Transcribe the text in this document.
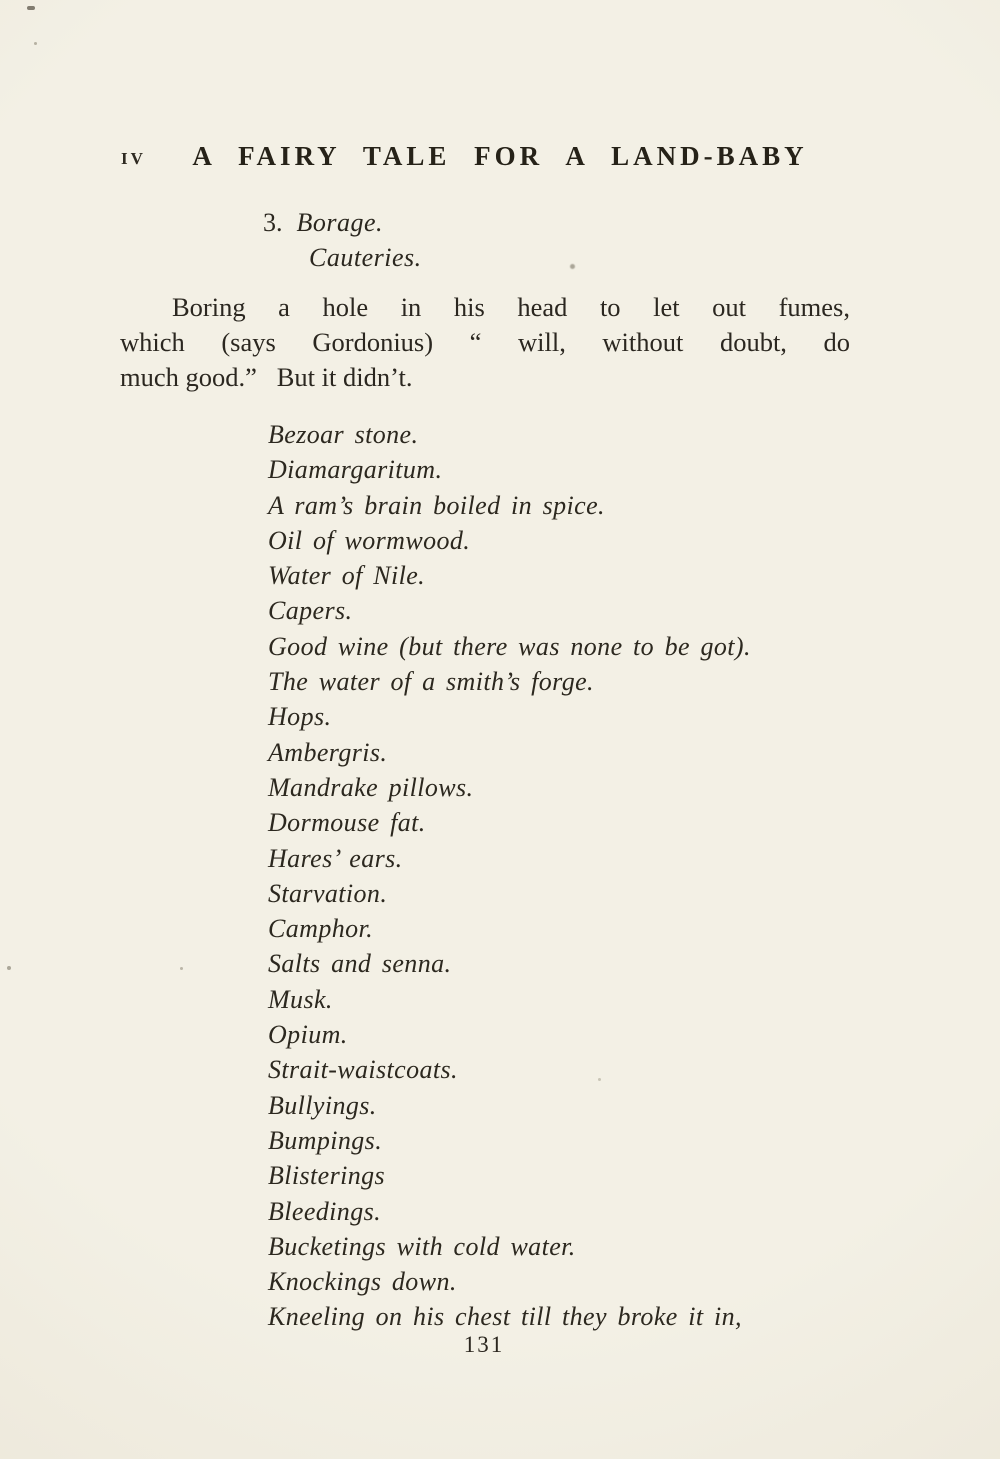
IV	A FAIRY TALE FOR A LAND-BABY
3. Borage.
Cauteries.
Boring a hole in his head to let out fumes,
which (says Gordonius) “ will, without doubt, do
much good.”   But it didn’t.
Bezoar stone.
Diamargaritum.
A ram’s brain boiled in spice.
Oil of wormwood.
Water of Nile.
Capers.
Good wine (but there was none to be got).
The water of a smith’s forge.
Hops.
Ambergris.
Mandrake pillows.
Dormouse fat.
Hares’ ears.
Starvation.
Camphor.
Salts and senna.
Musk.
Opium.
Strait-waistcoats.
Bullyings.
Bumpings.
Blisterings
Bleedings.
Bucketings with cold water.
Knockings down.
Kneeling on his chest till they broke it in,
131
